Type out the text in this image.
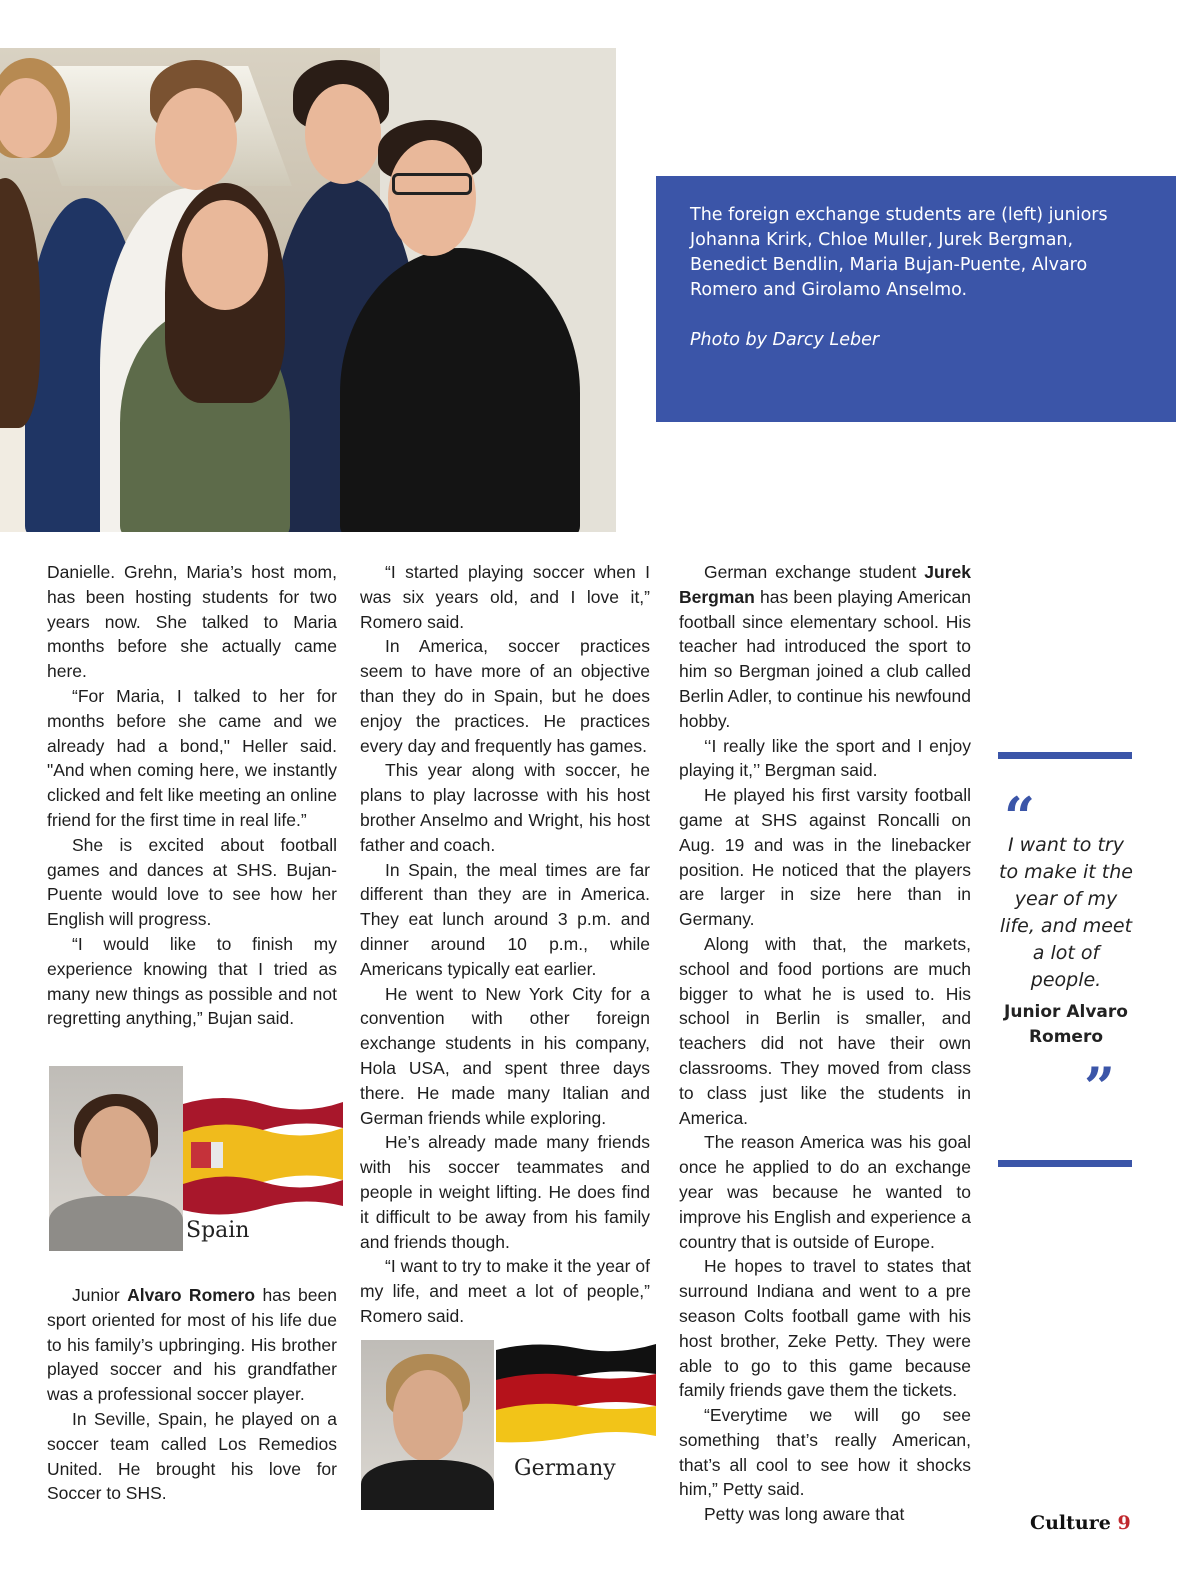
The foreign exchange students are (left) juniors Johanna Krirk, Chloe Muller, Jurek Bergman, Benedict Bendlin, Maria Bujan-Puente, Alvaro Romero and Girolamo Anselmo.
Photo by Darcy Leber

Danielle. Grehn, Maria’s host mom, has been hosting students for two years now. She talked to Maria months before she actually came here.

“For Maria, I talked to her for months before she came and we already had a bond," Heller said. "And when coming here, we instantly clicked and felt like meeting an online friend for the first time in real life.”

She is excited about football games and dances at SHS. Bujan-Puente would love to see how her English will progress.

“I would like to finish my experience knowing that I tried as many new things as possible and not regretting anything,” Bujan said.

Spain

Junior Alvaro Romero has been sport oriented for most of his life due to his family’s upbringing. His brother played soccer and his grandfather was a professional soccer player.

In Seville, Spain, he played on a soccer team called Los Remedios United. He brought his love for Soccer to SHS.

“I started playing soccer when I was six years old, and I love it,” Romero said.

In America, soccer practices seem to have more of an objective than they do in Spain, but he does enjoy the practices. He practices every day and frequently has games.

This year along with soccer, he plans to play lacrosse with his host brother Anselmo and Wright, his host father and coach.

In Spain, the meal times are far different than they are in America. They eat lunch around 3 p.m. and dinner around 10 p.m., while Americans typically eat earlier.

He went to New York City for a convention with other foreign exchange students in his company, Hola USA, and spent three days there. He made many Italian and German friends while exploring.

He’s already made many friends with his soccer teammates and people in weight lifting. He does find it difficult to be away from his family and friends though.

“I want to try to make it the year of my life, and meet a lot of people,” Romero said.

Germany

German exchange student Jurek Bergman has been playing American football since elementary school. His teacher had introduced the sport to him so Bergman joined a club called Berlin Adler, to continue his newfound hobby.

‘‘I really like the sport and I enjoy playing it,’’ Bergman said.

He played his first varsity football game at SHS against Roncalli on Aug. 19 and was in the linebacker position. He noticed that the players are larger in size here than in Germany.

Along with that, the markets, school and food portions are much bigger to what he is used to. His school in Berlin is smaller, and teachers did not have their own classrooms. They moved from class to class just like the students in America.

The reason America was his goal once he applied to do an exchange year was because he wanted to improve his English and experience a country that is outside of Europe.

He hopes to travel to states that surround Indiana and went to a pre season Colts football game with his host brother, Zeke Petty. They were able to go to this game because family friends gave them the tickets.

“Everytime we will go see something that’s really American, that’s all cool to see how it shocks him,” Petty said.

Petty was long aware that

“
I want to try to make it the year of my life, and meet a lot of people.
Junior Alvaro Romero
”
Culture 9
